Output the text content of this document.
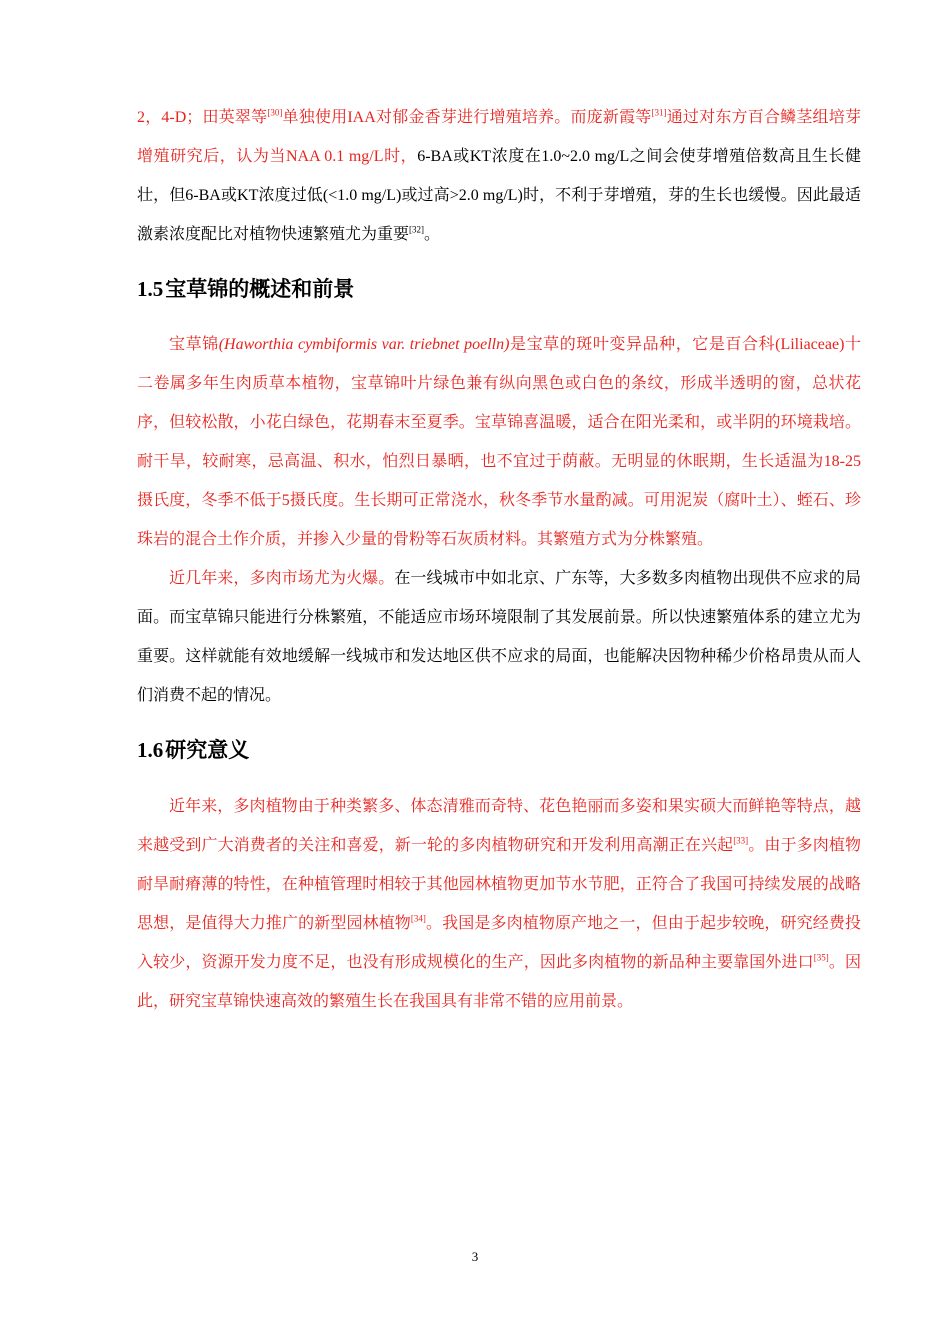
2，4-D；田英翠等[30]单独使用IAA对郁金香芽进行增殖培养。而庞新霞等[31]通过对东方百合鳞茎组培芽增殖研究后，认为当NAA 0.1 mg/L时，6-BA或KT浓度在1.0~2.0 mg/L之间会使芽增殖倍数高且生长健壮，但6-BA或KT浓度过低(<1.0 mg/L)或过高>2.0 mg/L)时，不利于芽增殖，芽的生长也缓慢。因此最适激素浓度配比对植物快速繁殖尤为重要[32]。

1.5宝草锦的概述和前景

宝草锦(Haworthia cymbiformis var. triebnet poelln)是宝草的斑叶变异品种，它是百合科(Liliaceae)十二卷属多年生肉质草本植物，宝草锦叶片绿色兼有纵向黑色或白色的条纹，形成半透明的窗，总状花序，但较松散，小花白绿色，花期春末至夏季。宝草锦喜温暖，适合在阳光柔和，或半阴的环境栽培。耐干旱，较耐寒，忌高温、积水，怕烈日暴晒，也不宜过于荫蔽。无明显的休眠期，生长适温为18-25摄氏度，冬季不低于5摄氏度。生长期可正常浇水，秋冬季节水量酌减。可用泥炭（腐叶土）、蛭石、珍珠岩的混合土作介质，并掺入少量的骨粉等石灰质材料。其繁殖方式为分株繁殖。

近几年来，多肉市场尤为火爆。在一线城市中如北京、广东等，大多数多肉植物出现供不应求的局面。而宝草锦只能进行分株繁殖，不能适应市场环境限制了其发展前景。所以快速繁殖体系的建立尤为重要。这样就能有效地缓解一线城市和发达地区供不应求的局面，也能解决因物种稀少价格昂贵从而人们消费不起的情况。

1.6研究意义

近年来，多肉植物由于种类繁多、体态清雅而奇特、花色艳丽而多姿和果实硕大而鲜艳等特点，越来越受到广大消费者的关注和喜爱，新一轮的多肉植物研究和开发利用高潮正在兴起[33]。由于多肉植物耐旱耐瘠薄的特性，在种植管理时相较于其他园林植物更加节水节肥，正符合了我国可持续发展的战略思想，是值得大力推广的新型园林植物[34]。我国是多肉植物原产地之一，但由于起步较晚，研究经费投入较少，资源开发力度不足，也没有形成规模化的生产，因此多肉植物的新品种主要靠国外进口[35]。因此，研究宝草锦快速高效的繁殖生长在我国具有非常不错的应用前景。

3
